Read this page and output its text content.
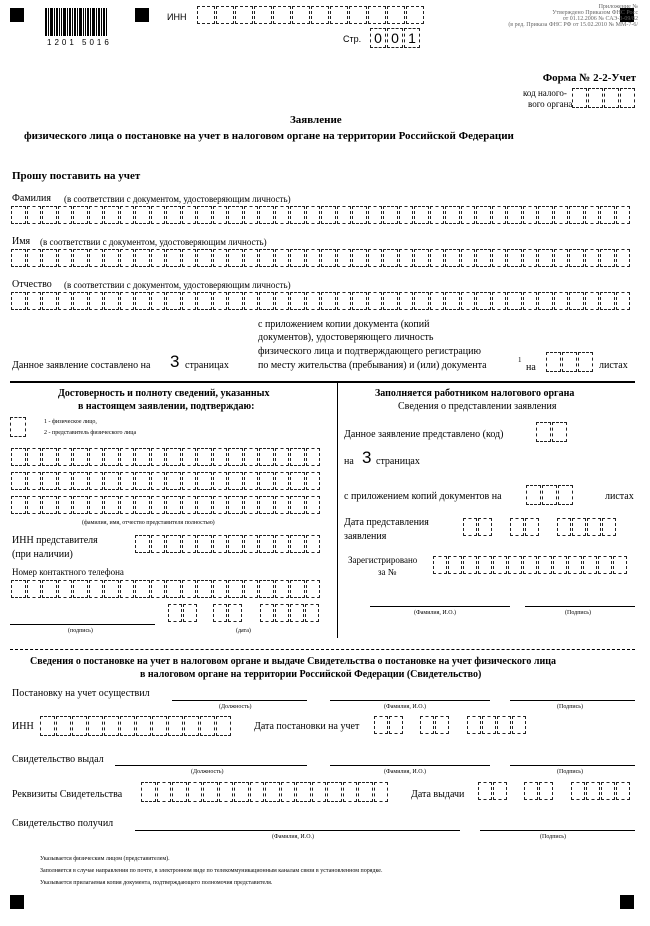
1201 5016
ИНН
Стр. 0 0 1
Приложение №
Утверждено Приказом ФНС Росс
от 01.12.2006 № САЭ-3-09/82
(в ред. Приказа ФНС РФ от 15.02.2010 № ММ-7-6/
Форма № 2-2-Учет
код налого-
вого органа
Заявление
физического лица о постановке на учет в налоговом органе на территории Российской Федерации
Прошу поставить на учет
Фамилия (в соответствии с документом, удостоверяющим личность)
Имя (в соответствии с документом, удостоверяющим личность)
Отчество (в соответствии с документом, удостоверяющим личность)
с приложением копии документа (копий
документов), удостоверяющего личность
физического лица и подтверждающего регистрацию
по месту жительства (пребывания) и (или) документа	1
на	листах
Данное заявление составлено на 3 страницах
Достоверность и полноту сведений, указанных
в настоящем заявлении, подтверждаю:
1 - физическое лицо,
2 - представитель физического лица
(фамилия, имя, отчество представителя полностью)
ИНН представителя
(при наличии)
Номер контактного телефона
(подпись)	(дата)
Заполняется работником налогового органа
Сведения о представлении заявления
Данное заявление представлено (код)
на 3 страницах
с приложением копий документов на	листах
Дата представления
заявления
Зарегистрировано
за №
(Фамилия, И.О.)	(Подпись)
Сведения о постановке на учет в налоговом органе и выдаче Свидетельства о постановке на учет физического лица
в налоговом органе на территории Российской Федерации (Свидетельство)
Постановку на учет осуществил
(Должность)	(Фамилия, И.О.)	(Подпись)
ИНН	Дата постановки на учет
Свидетельство выдал
(Должность)	(Фамилия, И.О.)	(Подпись)
Реквизиты Свидетельства	Дата выдачи
Свидетельство получил
(Фамилия, И.О.)	(Подпись)
Указывается физическим лицом (представителем).
Заполняется в случае направления по почте, в электронном виде по телекоммуникационным каналам связи в установленном порядке.
Указывается прилагаемая копия документа, подтверждающего полномочия представителя.
